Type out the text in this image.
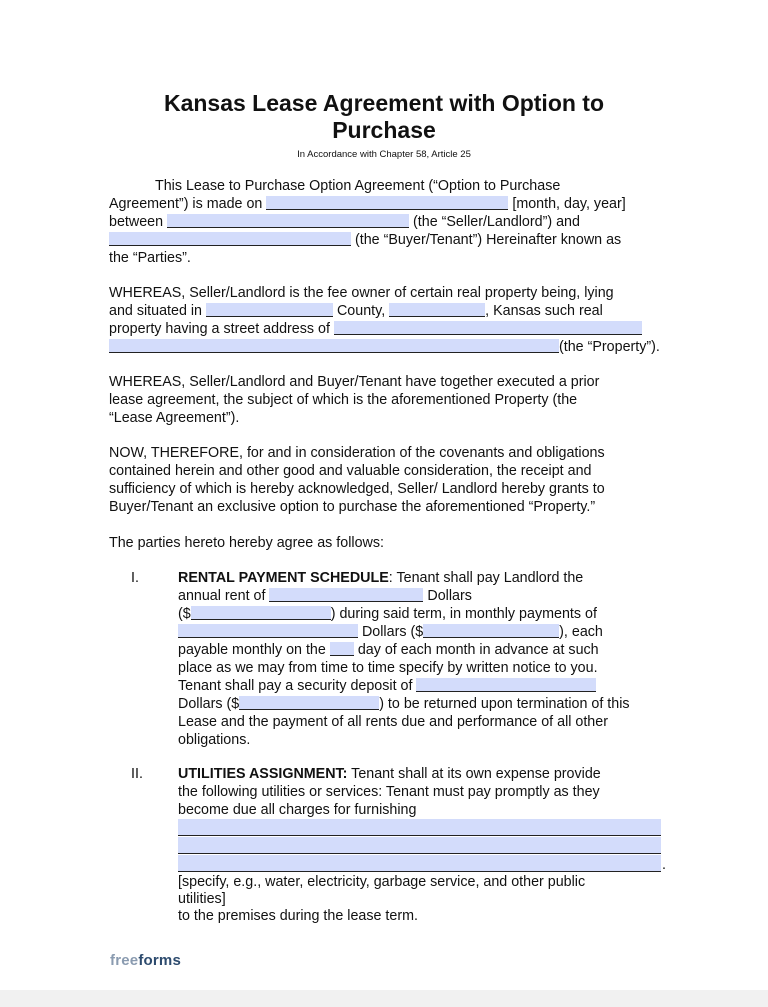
Kansas Lease Agreement with Option to
Purchase
In Accordance with Chapter 58, Article 25
This Lease to Purchase Option Agreement (“Option to Purchase
Agreement”) is made on	[month, day, year]
between	(the “Seller/Landlord”) and
(the “Buyer/Tenant”) Hereinafter known as
the “Parties”.
WHEREAS, Seller/Landlord is the fee owner of certain real property being, lying
and situated in	County,	, Kansas such real
property having a street address of
(the “Property”).
WHEREAS, Seller/Landlord and Buyer/Tenant have together executed a prior
lease agreement, the subject of which is the aforementioned Property (the
“Lease Agreement”).
NOW, THEREFORE, for and in consideration of the covenants and obligations
contained herein and other good and valuable consideration, the receipt and
sufficiency of which is hereby acknowledged, Seller/ Landlord hereby grants to
Buyer/Tenant an exclusive option to purchase the aforementioned “Property.”
The parties hereto hereby agree as follows:
I.	RENTAL PAYMENT SCHEDULE: Tenant shall pay Landlord the
annual rent of	Dollars
($	) during said term, in monthly payments of
Dollars ($	), each
payable monthly on the day of each month in advance at such
place as we may from time to time specify by written notice to you.
Tenant shall pay a security deposit of
Dollars ($	) to be returned upon termination of this
Lease and the payment of all rents due and performance of all other
obligations.
II. UTILITIES ASSIGNMENT: Tenant shall at its own expense provide
the following utilities or services: Tenant must pay promptly as they
become due all charges for furnishing
.
[specify, e.g., water, electricity, garbage service, and other public
utilities]
to the premises during the lease term.
freeforms
